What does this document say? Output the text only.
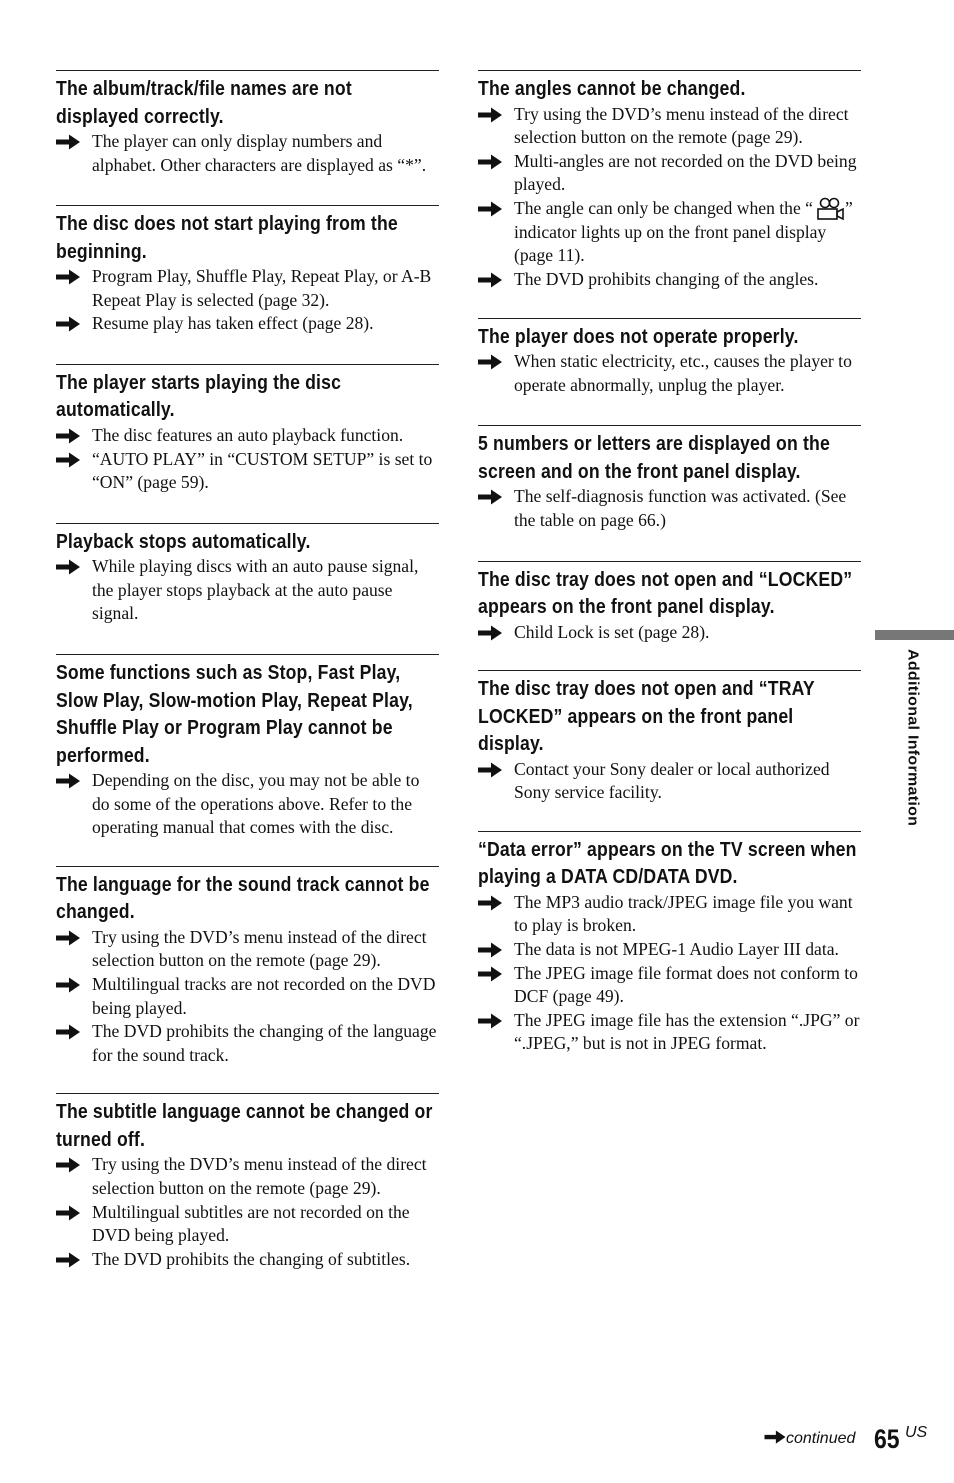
The album/track/file names are not displayed correctly.
The player can only display numbers and alphabet. Other characters are displayed as “*”.
The disc does not start playing from the beginning.
Program Play, Shuffle Play, Repeat Play, or A-B Repeat Play is selected (page 32).
Resume play has taken effect (page 28).
The player starts playing the disc automatically.
The disc features an auto playback function.
“AUTO PLAY” in “CUSTOM SETUP” is set to “ON” (page 59).
Playback stops automatically.
While playing discs with an auto pause signal, the player stops playback at the auto pause signal.
Some functions such as Stop, Fast Play, Slow Play, Slow-motion Play, Repeat Play, Shuffle Play or Program Play cannot be performed.
Depending on the disc, you may not be able to do some of the operations above. Refer to the operating manual that comes with the disc.
The language for the sound track cannot be changed.
Try using the DVD’s menu instead of the direct selection button on the remote (page 29).
Multilingual tracks are not recorded on the DVD being played.
The DVD prohibits the changing of the language for the sound track.
The subtitle language cannot be changed or turned off.
Try using the DVD’s menu instead of the direct selection button on the remote (page 29).
Multilingual subtitles are not recorded on the DVD being played.
The DVD prohibits the changing of subtitles.
The angles cannot be changed.
Try using the DVD’s menu instead of the direct selection button on the remote (page 29).
Multi-angles are not recorded on the DVD being played.
The angle can only be changed when the “ ” indicator lights up on the front panel display (page 11).
The DVD prohibits changing of the angles.
The player does not operate properly.
When static electricity, etc., causes the player to operate abnormally, unplug the player.
5 numbers or letters are displayed on the screen and on the front panel display.
The self-diagnosis function was activated. (See the table on page 66.)
The disc tray does not open and “LOCKED” appears on the front panel display.
Child Lock is set (page 28).
The disc tray does not open and “TRAY LOCKED” appears on the front panel display.
Contact your Sony dealer or local authorized Sony service facility.
“Data error” appears on the TV screen when playing a DATA CD/DATA DVD.
The MP3 audio track/JPEG image file you want to play is broken.
The data is not MPEG-1 Audio Layer III data.
The JPEG image file format does not conform to DCF (page 49).
The JPEG image file has the extension “.JPG” or “.JPEG,” but is not in JPEG format.
Additional Information
continued 65 US
